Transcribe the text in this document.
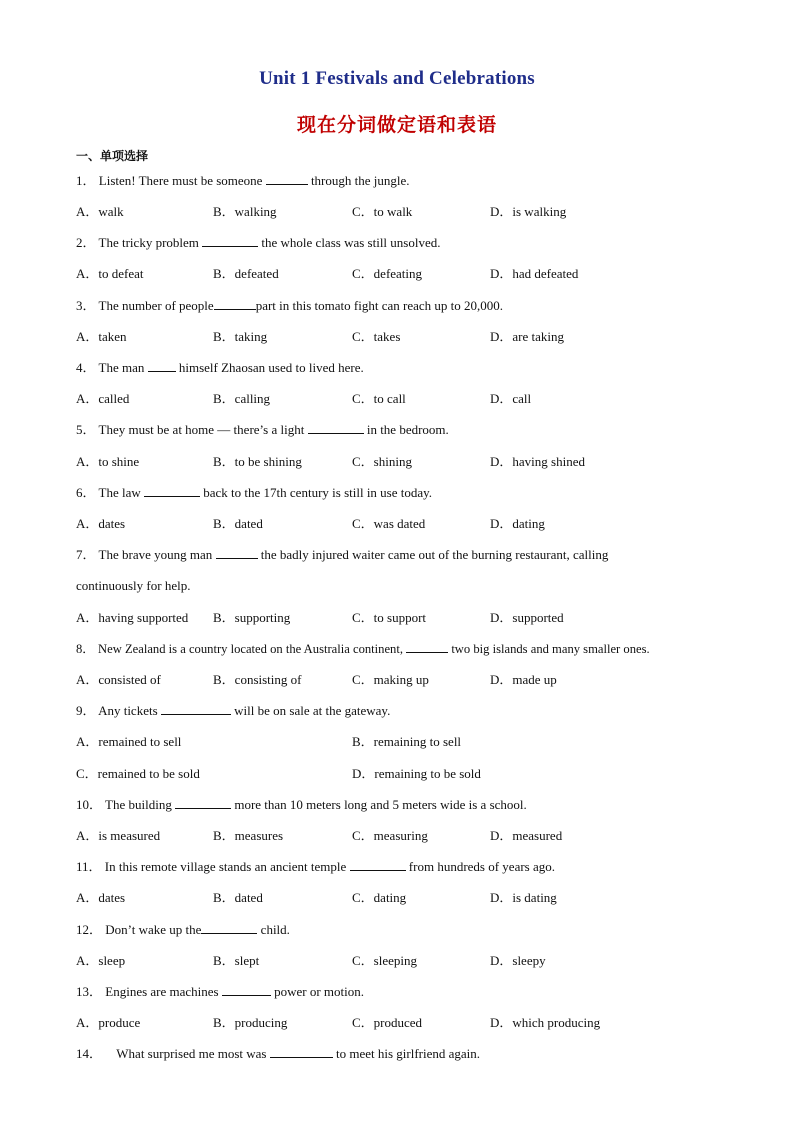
Unit 1 Festivals and Celebrations
现在分词做定语和表语
一、单项选择
1． Listen! There must be someone	through the jungle.
A．walk	B．walking	C．to walk	D．is walking
2． The tricky problem	the whole class was still unsolved.
A．to defeat	B．defeated	C．defeating	D．had defeated
3． The number of people	part in this tomato fight can reach up to 20,000.
A．taken	B．taking	C．takes	D．are taking
4． The man	himself Zhaosan used to lived here.
A．called	B．calling	C．to call	D．call
5． They must be at home — there’s a light	in the bedroom.
A．to shine	B．to be shining	C．shining	D．having shined
6． The law	back to the 17th century is still in use today.
A．dates	B．dated	C．was dated	D．dating
7． The brave young man	the badly injured waiter came out of the burning restaurant, calling
continuously for help.
A．having supported B．supporting	C．to support	D．supported
8． New Zealand is a country located on the Australia continent,	two big islands and many smaller ones.
A．consisted of	B．consisting of	C．making up	D．made up
9． Any tickets	will be on sale at the gateway.
A．remained to sell	B．remaining to sell
C．remained to be sold	D．remaining to be sold
10． The building	more than 10 meters long and 5 meters wide is a school.
A．is measured	B．measures	C．measuring	D．measured
11． In this remote village stands an ancient temple	from hundreds of years ago.
A．dates	B．dated	C．dating	D．is dating
12． Don’t wake up the	child.
A．sleep	B．slept	C．sleeping	D．sleepy
13． Engines are machines	power or motion.
A．produce	B．producing	C．produced	D．which producing
14． What surprised me most was	to meet his girlfriend again.
